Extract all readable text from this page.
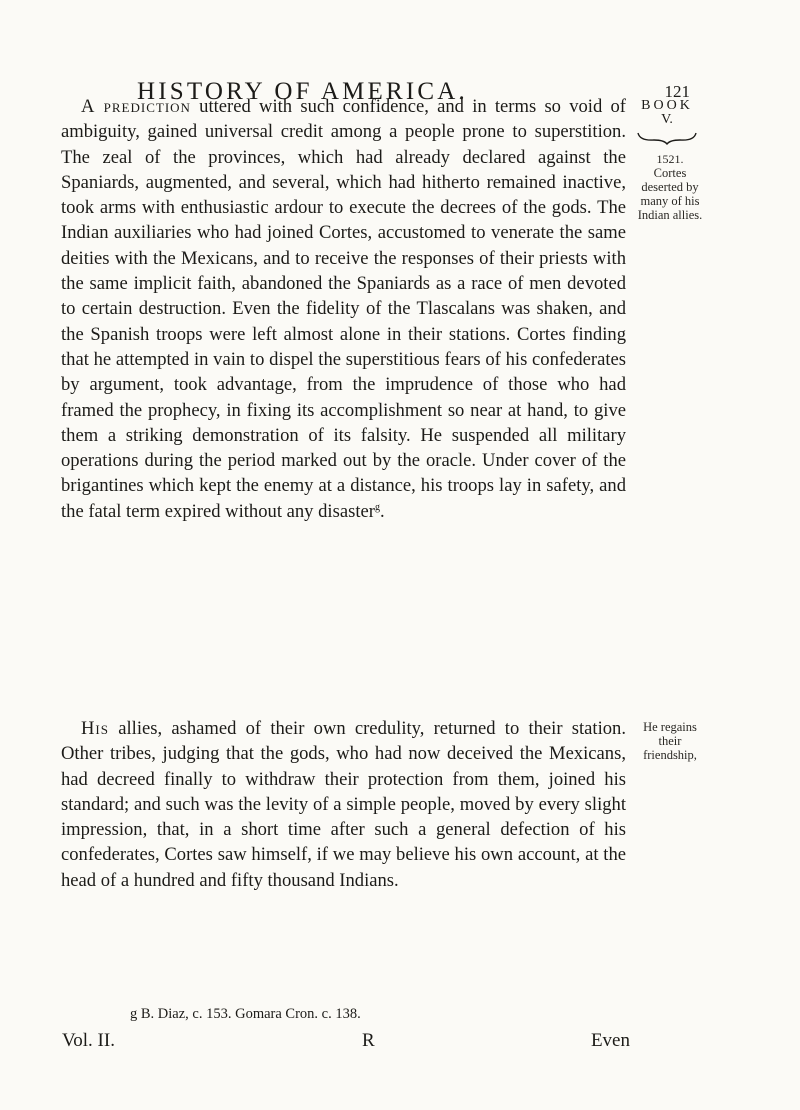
HISTORY OF AMERICA.	121
BOOK
V.
1521.
Cortes deserted by many of his Indian allies.

A prediction uttered with such confidence, and in terms so void of ambiguity, gained universal credit among a people prone to superstition. The zeal of the provinces, which had already declared against the Spaniards, augmented, and several, which had hitherto remained inactive, took arms with enthusiastic ardour to execute the decrees of the gods. The Indian auxiliaries who had joined Cortes, accustomed to venerate the same deities with the Mexicans, and to receive the responses of their priests with the same implicit faith, abandoned the Spaniards as a race of men devoted to certain destruction. Even the fidelity of the Tlascalans was shaken, and the Spanish troops were left almost alone in their stations. Cortes finding that he attempted in vain to dispel the superstitious fears of his confederates by argument, took advantage, from the imprudence of those who had framed the prophecy, in fixing its accomplishment so near at hand, to give them a striking demonstration of its falsity. He suspended all military operations during the period marked out by the oracle. Under cover of the brigantines which kept the enemy at a distance, his troops lay in safety, and the fatal term expired without any disaster$^g$.

He regains their friendship,

His allies, ashamed of their own credulity, returned to their station. Other tribes, judging that the gods, who had now deceived the Mexicans, had decreed finally to withdraw their protection from them, joined his standard; and such was the levity of a simple people, moved by every slight impression, that, in a short time after such a general defection of his confederates, Cortes saw himself, if we may believe his own account, at the head of a hundred and fifty thousand Indians.

g B. Diaz, c. 153. Gomara Cron. c. 138.
Vol. II.	R	Even
